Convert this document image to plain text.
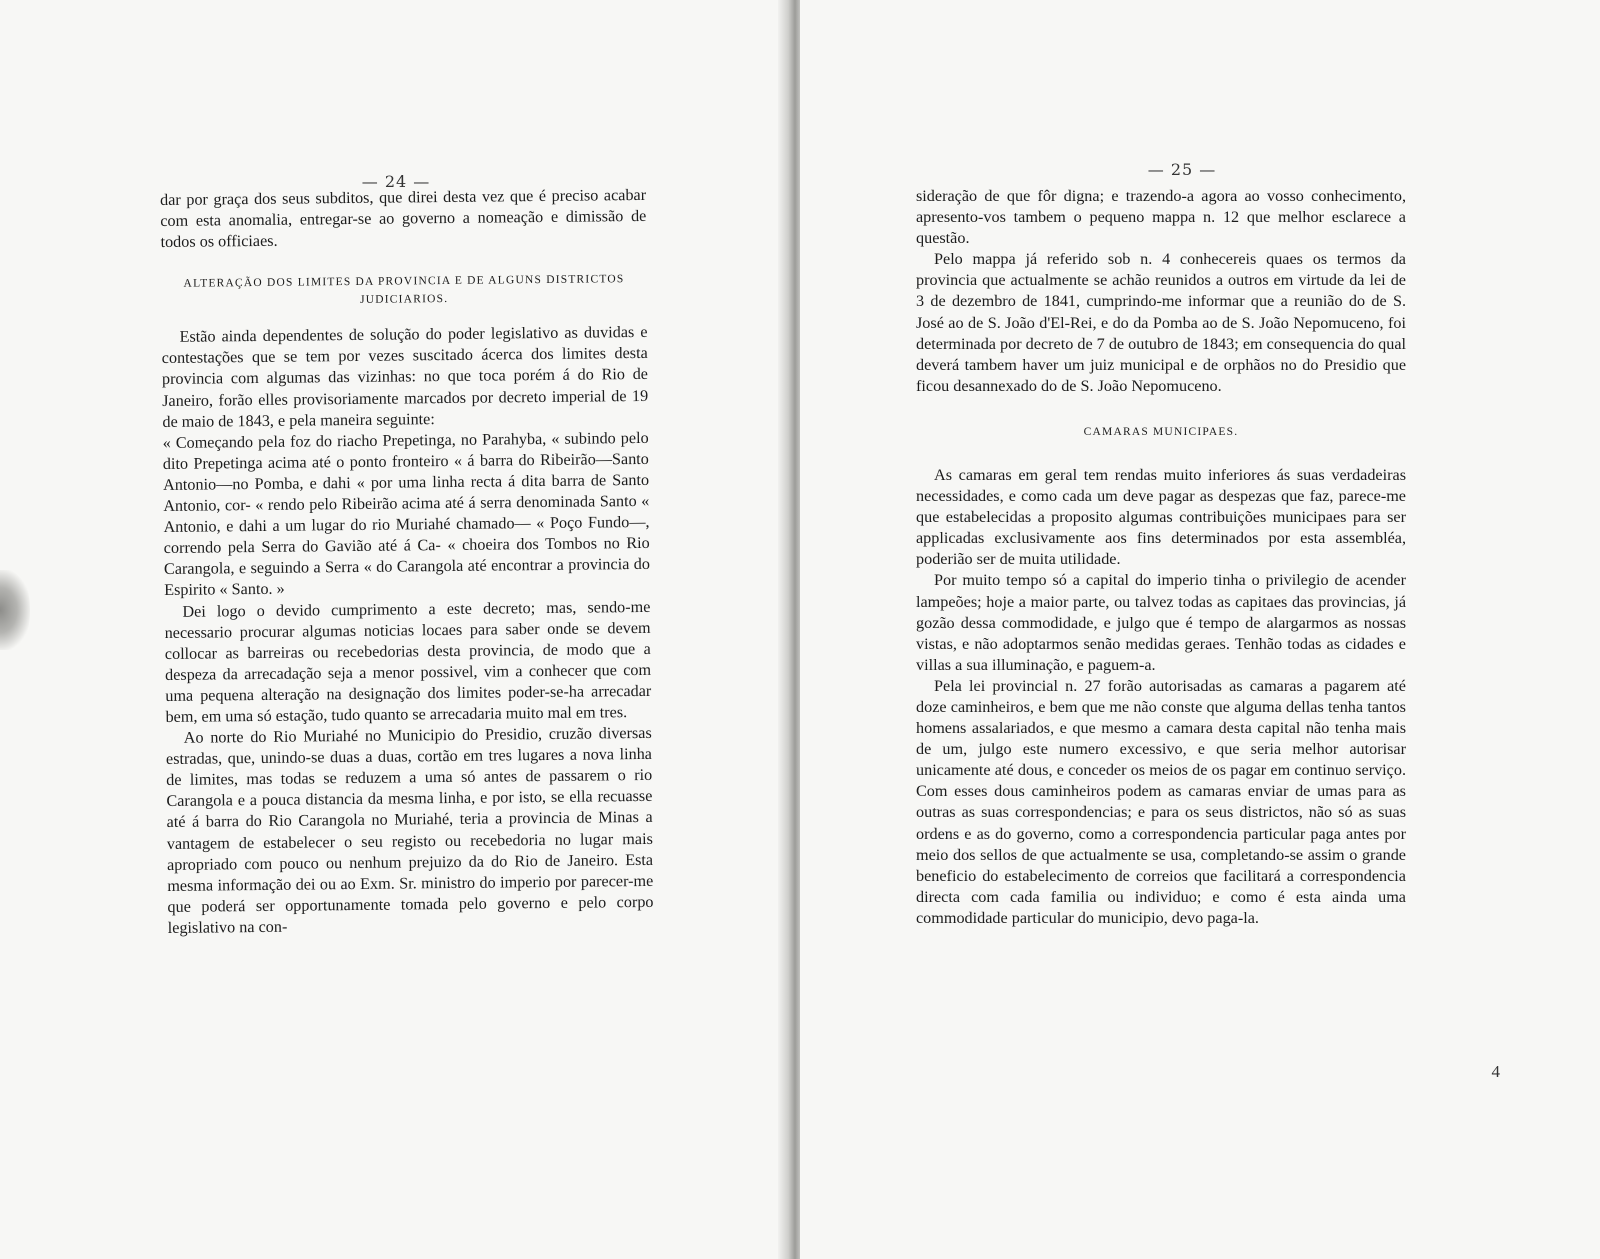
— 24 —

dar por graça dos seus subditos, que direi desta vez que é preciso acabar com esta anomalia, entregar-se ao governo a nomeação e dimissão de todos os officiaes.

ALTERAÇÃO DOS LIMITES DA PROVINCIA E DE ALGUNS DISTRICTOS JUDICIARIOS.

Estão ainda dependentes de solução do poder legislativo as duvidas e contestações que se tem por vezes suscitado ácerca dos limites desta provincia com algumas das vizinhas: no que toca porém á do Rio de Janeiro, forão elles provisoriamente marcados por decreto imperial de 19 de maio de 1843, e pela maneira seguinte:

« Começando pela foz do riacho Prepetinga, no Parahyba, « subindo pelo dito Prepetinga acima até o ponto fronteiro « á barra do Ribeirão—Santo Antonio—no Pomba, e dahi « por uma linha recta á dita barra de Santo Antonio, cor- « rendo pelo Ribeirão acima até á serra denominada Santo « Antonio, e dahi a um lugar do rio Muriahé chamado— « Poço Fundo—, correndo pela Serra do Gavião até á Ca- « choeira dos Tombos no Rio Carangola, e seguindo a Serra « do Carangola até encontrar a provincia do Espirito « Santo. »

Dei logo o devido cumprimento a este decreto; mas, sendo-me necessario procurar algumas noticias locaes para saber onde se devem collocar as barreiras ou recebedorias desta provincia, de modo que a despeza da arrecadação seja a menor possivel, vim a conhecer que com uma pequena alteração na designação dos limites poder-se-ha arrecadar bem, em uma só estação, tudo quanto se arrecadaria muito mal em tres.

Ao norte do Rio Muriahé no Municipio do Presidio, cruzão diversas estradas, que, unindo-se duas a duas, cortão em tres lugares a nova linha de limites, mas todas se reduzem a uma só antes de passarem o rio Carangola e a pouca distancia da mesma linha, e por isto, se ella recuasse até á barra do Rio Carangola no Muriahé, teria a provincia de Minas a vantagem de estabelecer o seu registo ou recebedoria no lugar mais apropriado com pouco ou nenhum prejuizo da do Rio de Janeiro. Esta mesma informação dei ou ao Exm. Sr. ministro do imperio por parecer-me que poderá ser opportunamente tomada pelo governo e pelo corpo legislativo na con-

— 25 —

sideração de que fôr digna; e trazendo-a agora ao vosso conhecimento, apresento-vos tambem o pequeno mappa n. 12 que melhor esclarece a questão.

Pelo mappa já referido sob n. 4 conhecereis quaes os termos da provincia que actualmente se achão reunidos a outros em virtude da lei de 3 de dezembro de 1841, cumprindo-me informar que a reunião do de S. José ao de S. João d'El-Rei, e do da Pomba ao de S. João Nepomuceno, foi determinada por decreto de 7 de outubro de 1843; em consequencia do qual deverá tambem haver um juiz municipal e de orphãos no do Presidio que ficou desannexado do de S. João Nepomuceno.

CAMARAS MUNICIPAES.

As camaras em geral tem rendas muito inferiores ás suas verdadeiras necessidades, e como cada um deve pagar as despezas que faz, parece-me que estabelecidas a proposito algumas contribuições municipaes para ser applicadas exclusivamente aos fins determinados por esta assembléa, poderião ser de muita utilidade.

Por muito tempo só a capital do imperio tinha o privilegio de acender lampeões; hoje a maior parte, ou talvez todas as capitaes das provincias, já gozão dessa commodidade, e julgo que é tempo de alargarmos as nossas vistas, e não adoptarmos senão medidas geraes. Tenhão todas as cidades e villas a sua illuminação, e paguem-a.

Pela lei provincial n. 27 forão autorisadas as camaras a pagarem até doze caminheiros, e bem que me não conste que alguma dellas tenha tantos homens assalariados, e que mesmo a camara desta capital não tenha mais de um, julgo este numero excessivo, e que seria melhor autorisar unicamente até dous, e conceder os meios de os pagar em continuo serviço. Com esses dous caminheiros podem as camaras enviar de umas para as outras as suas correspondencias; e para os seus districtos, não só as suas ordens e as do governo, como a correspondencia particular paga antes por meio dos sellos de que actualmente se usa, completando-se assim o grande beneficio do estabelecimento de correios que facilitará a correspondencia directa com cada familia ou individuo; e como é esta ainda uma commodidade particular do municipio, devo paga-la.

4
